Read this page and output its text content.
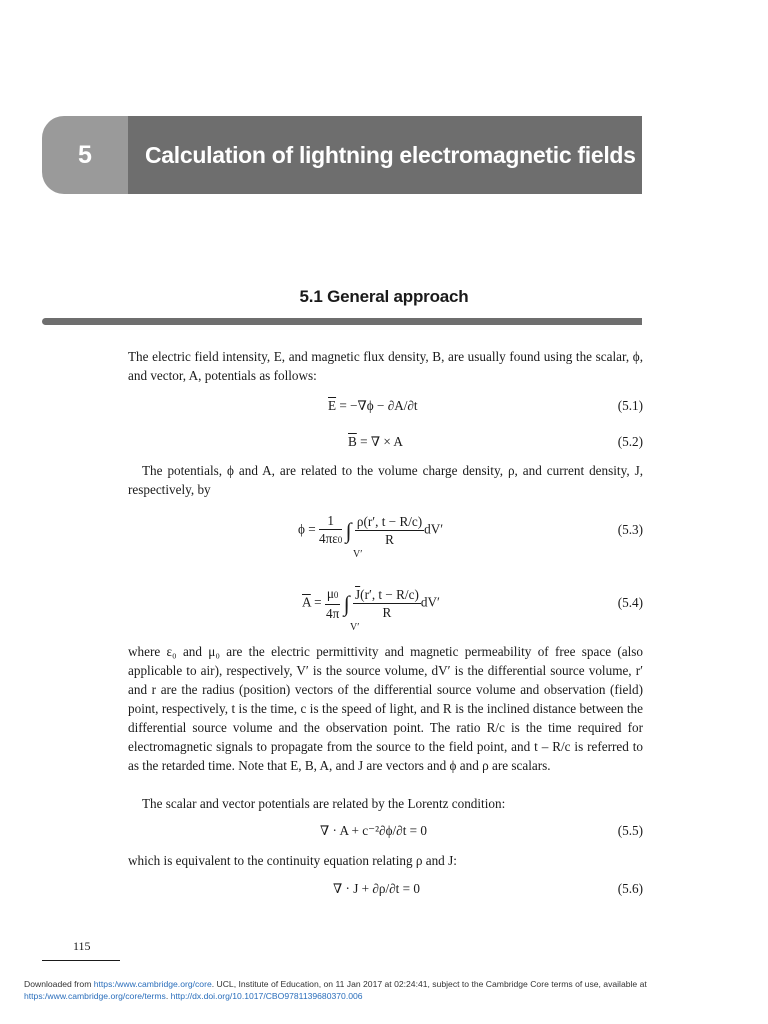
5	Calculation of lightning electromagnetic fields
5.1 General approach
The electric field intensity, E, and magnetic flux density, B, are usually found using the scalar, ϕ, and vector, A, potentials as follows:
$\overline{E} = -\nabla\phi - \partial A/\partial t$	(5.1)
$\overline{B}$ = ∇ × A	(5.2)
The potentials, ϕ and A, are related to the volume charge density, ρ, and current density, J, respectively, by
$\phi = \frac{1}{4\pi\varepsilon 0}$ ∫ $\frac{\rho(r', t - R/c)}{R} dV'$
V′
(5.3)
$\overline{A} = \frac{\mu 0}{4\pi}$ ∫ $\frac{\overline{J}(r', t - R/c)}{R} dV'$
V′
(5.4)
where ε₀ and μ₀ are the electric permittivity and magnetic permeability of free space (also applicable to air), respectively, V′ is the source volume, dV′ is the differential source volume, r′ and r are the radius (position) vectors of the differential source volume and observation (field) point, respectively, t is the time, c is the speed of light, and R is the inclined distance between the differential source volume and the observation point. The ratio R/c is the time required for electromagnetic signals to propagate from the source to the field point, and t – R/c is referred to as the retarded time. Note that E, B, A, and J are vectors and ϕ and ρ are scalars.
The scalar and vector potentials are related by the Lorentz condition:
∇ · A + c⁻²∂ϕ/∂t = 0	(5.5)
which is equivalent to the continuity equation relating ρ and J:
∇ · J + ∂ρ/∂t = 0	(5.6)
115
Downloaded from https:/www.cambridge.org/core. UCL, Institute of Education, on 11 Jan 2017 at 02:24:41, subject to the Cambridge Core terms of use, available at
https:/www.cambridge.org/core/terms. http://dx.doi.org/10.1017/CBO9781139680370.006
